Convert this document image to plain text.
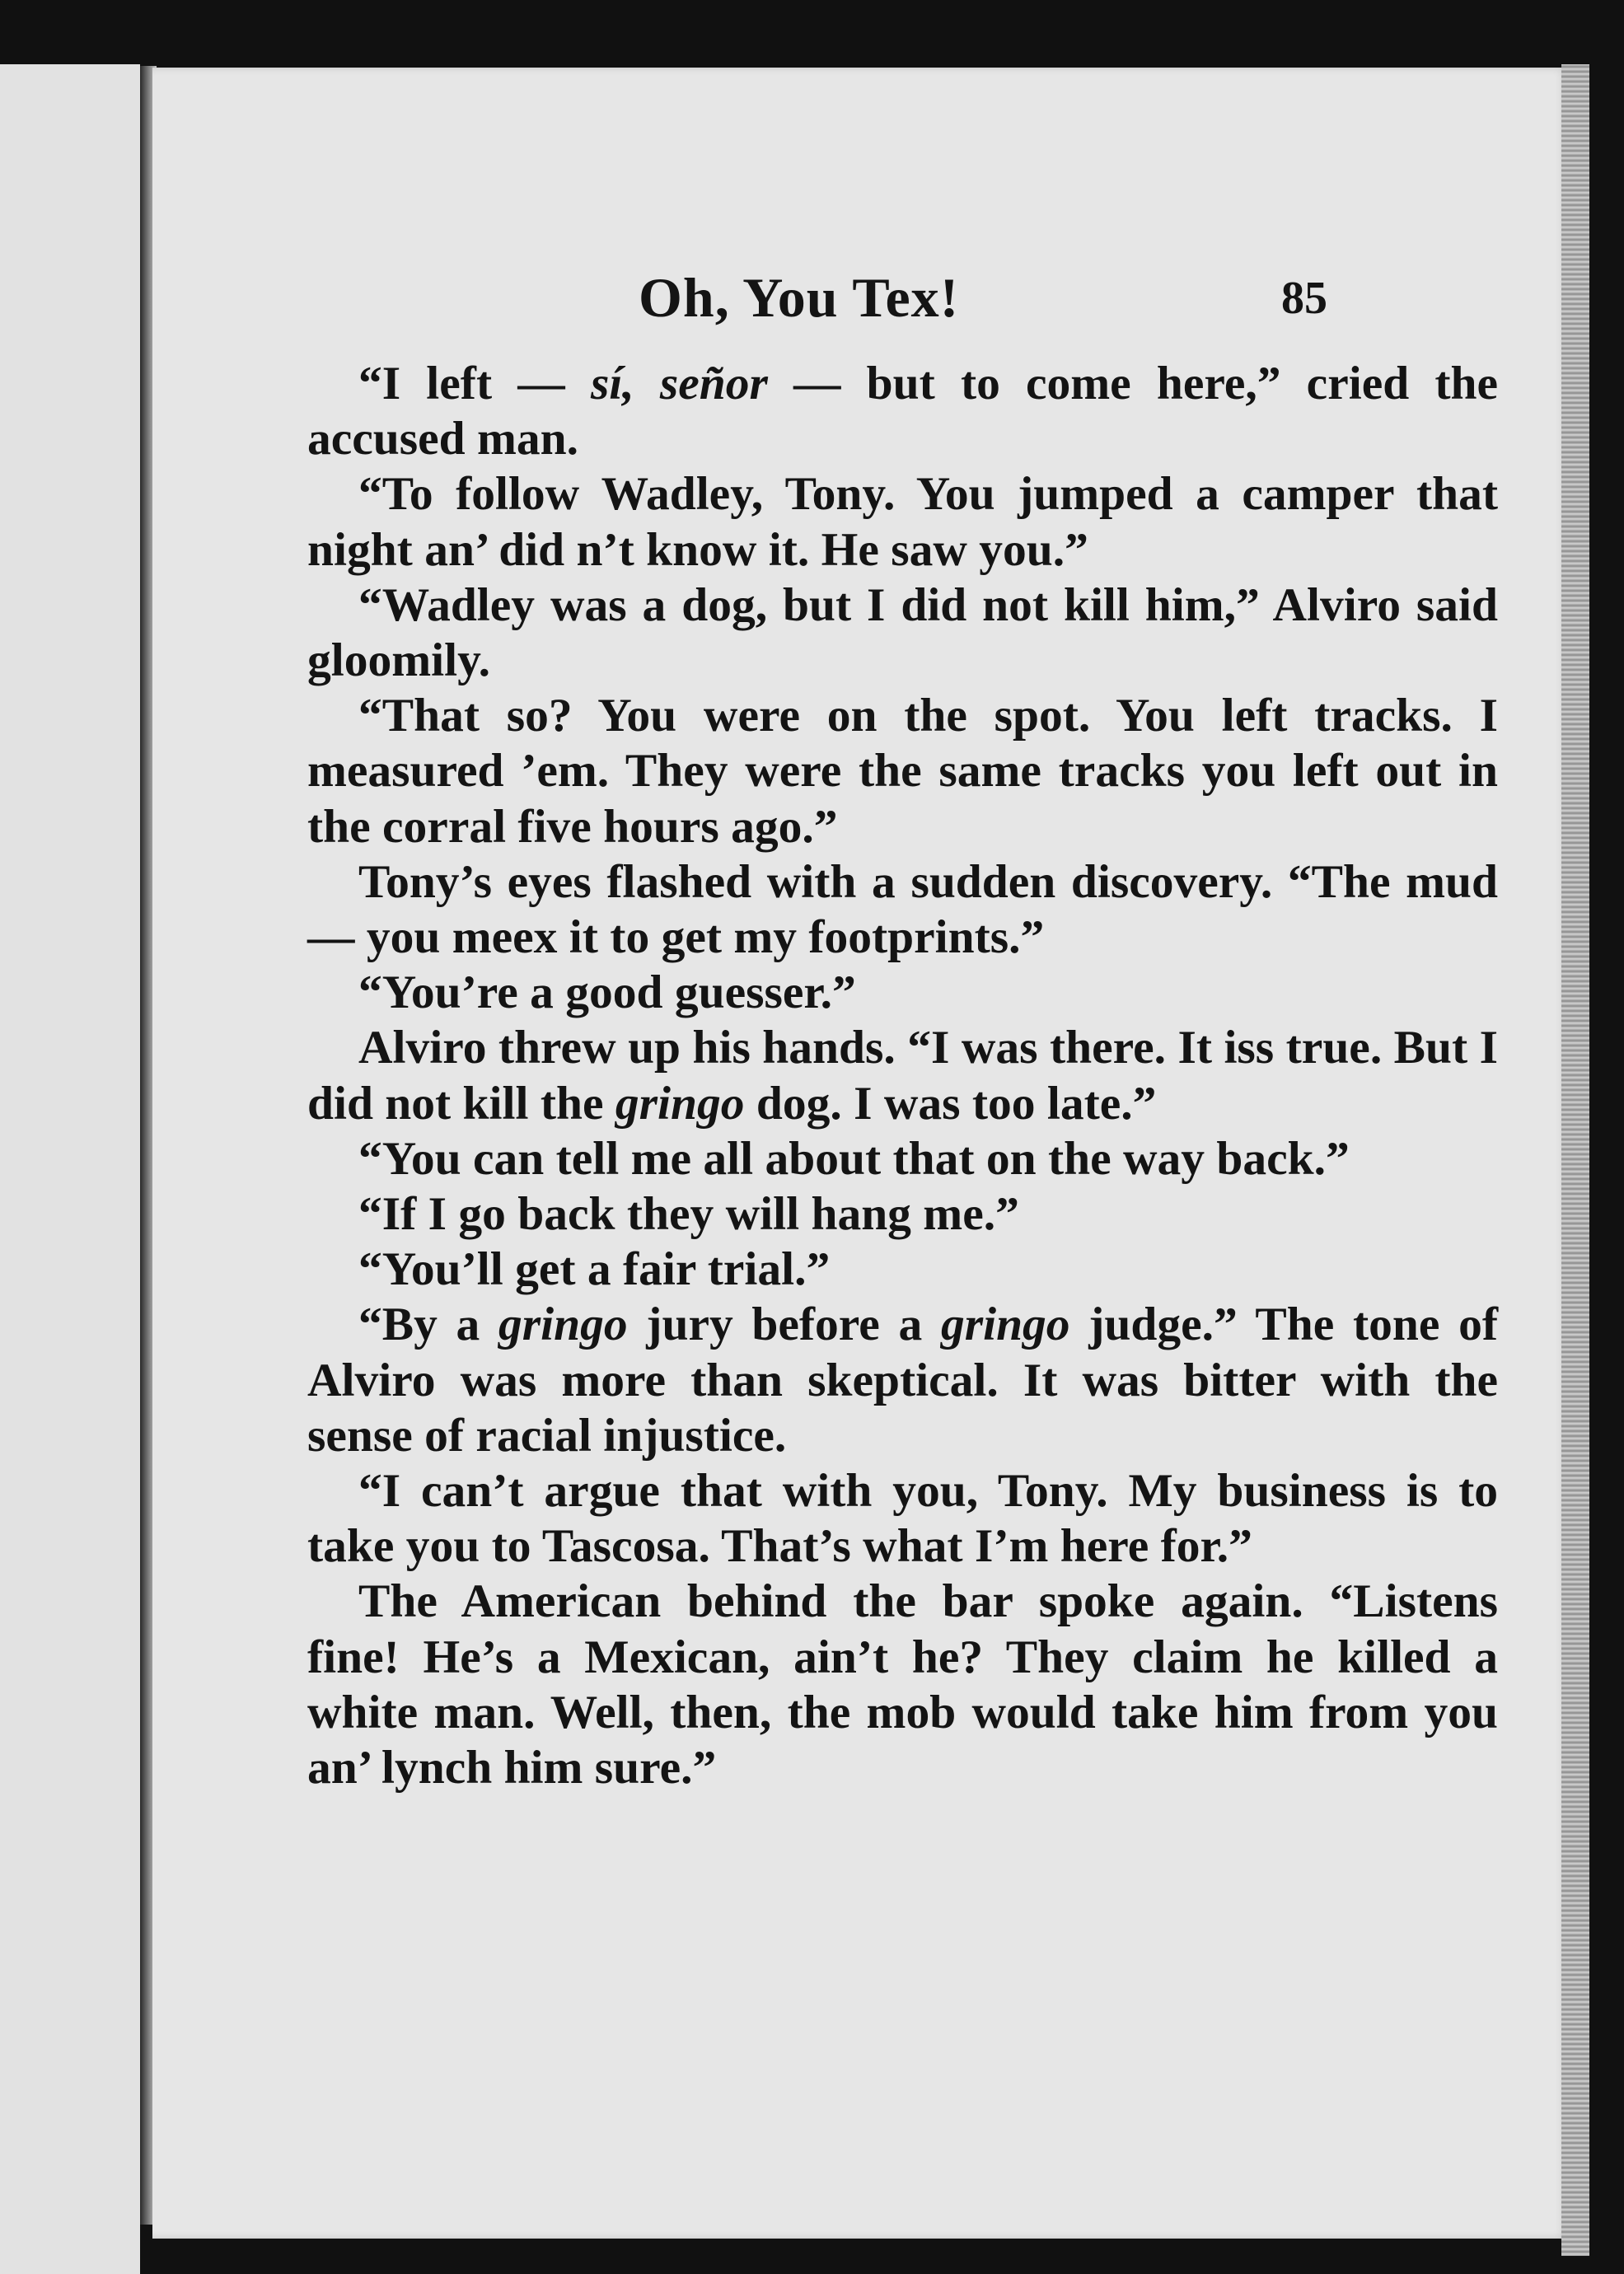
Oh, You Tex!	85

“I left — sí, señor — but to come here,” cried the accused man.

“To follow Wadley, Tony. You jumped a camper that night an’ did n’t know it. He saw you.”

“Wadley was a dog, but I did not kill him,” Alviro said gloomily.

“That so? You were on the spot. You left tracks. I measured ’em. They were the same tracks you left out in the corral five hours ago.”

Tony’s eyes flashed with a sudden discovery. “The mud — you meex it to get my footprints.”

“You’re a good guesser.”

Alviro threw up his hands. “I was there. It iss true. But I did not kill the gringo dog. I was too late.”

“You can tell me all about that on the way back.”

“If I go back they will hang me.”

“You’ll get a fair trial.”

“By a gringo jury before a gringo judge.” The tone of Alviro was more than skeptical. It was bitter with the sense of racial injustice.

“I can’t argue that with you, Tony. My business is to take you to Tascosa. That’s what I’m here for.”

The American behind the bar spoke again. “Listens fine! He’s a Mexican, ain’t he? They claim he killed a white man. Well, then, the mob would take him from you an’ lynch him sure.”
